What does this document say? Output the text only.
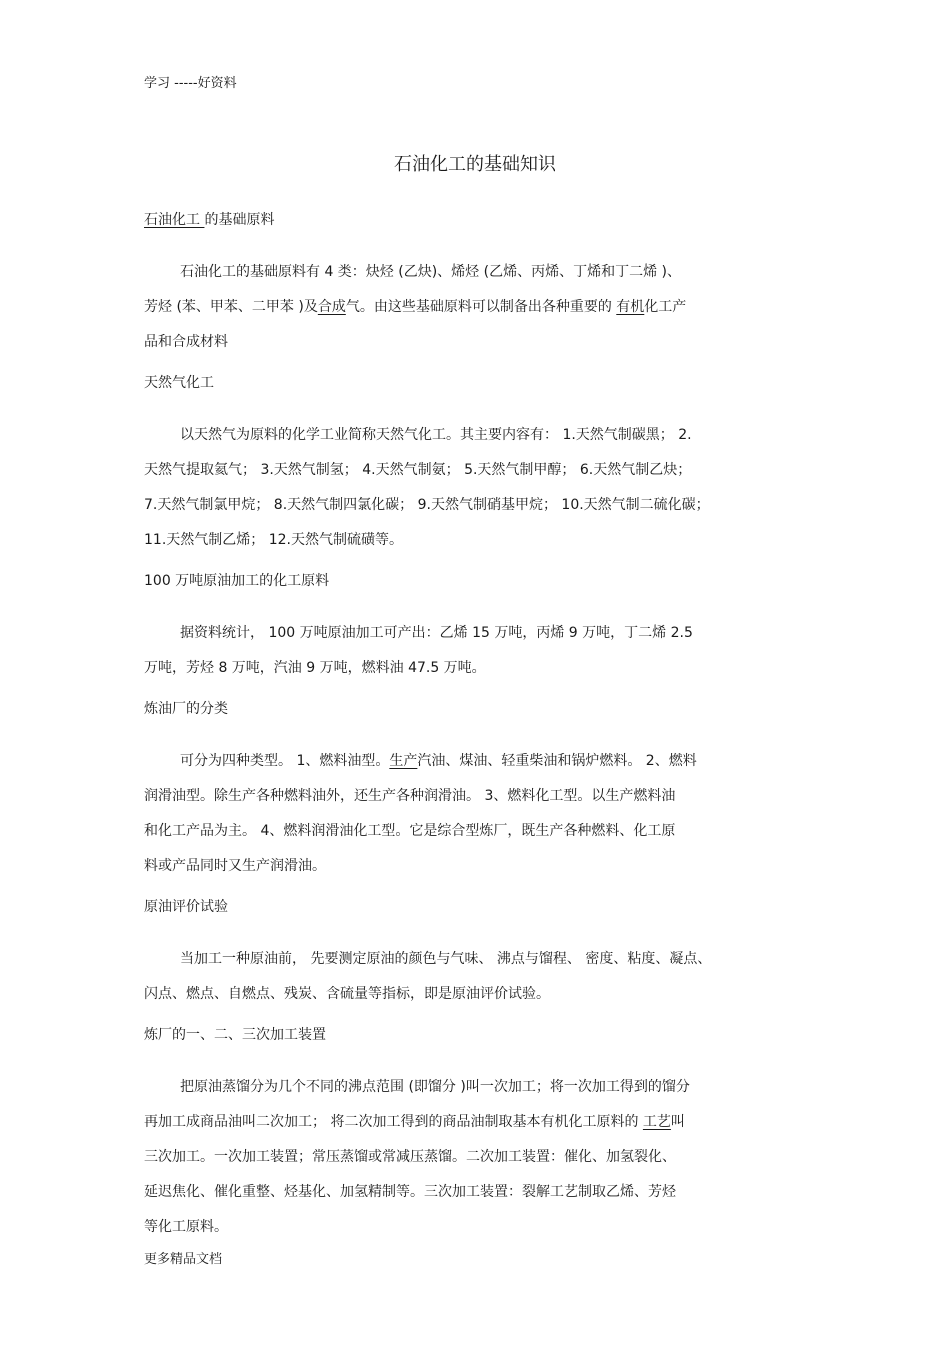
学习 -----好资料
石油化工的基础知识
石油化工 的基础原料
石油化工的基础原料有 4 类：炔烃 (乙炔)、烯烃 (乙烯、丙烯、丁烯和丁二烯 )、
芳烃 (苯、甲苯、二甲苯 )及合成气。由这些基础原料可以制备出各种重要的 有机化工产
品和合成材料
天然气化工
以天然气为原料的化学工业简称天然气化工。其主要内容有： 1.天然气制碳黑； 2.
天然气提取氦气； 3.天然气制氢； 4.天然气制氨； 5.天然气制甲醇； 6.天然气制乙炔；
7.天然气制氯甲烷； 8.天然气制四氯化碳； 9.天然气制硝基甲烷； 10.天然气制二硫化碳；
11.天然气制乙烯； 12.天然气制硫磺等。
100 万吨原油加工的化工原料
据资料统计， 100 万吨原油加工可产出：乙烯 15 万吨，丙烯 9 万吨，丁二烯 2.5
万吨，芳烃 8 万吨，汽油 9 万吨，燃料油 47.5 万吨。
炼油厂的分类
可分为四种类型。 1、燃料油型。生产汽油、煤油、轻重柴油和锅炉燃料。 2、燃料
润滑油型。除生产各种燃料油外，还生产各种润滑油。 3、燃料化工型。以生产燃料油
和化工产品为主。 4、燃料润滑油化工型。它是综合型炼厂，既生产各种燃料、化工原
料或产品同时又生产润滑油。
原油评价试验
当加工一种原油前， 先要测定原油的颜色与气味、 沸点与馏程、 密度、粘度、凝点、
闪点、燃点、自燃点、残炭、含硫量等指标，即是原油评价试验。
炼厂的一、二、三次加工装置
把原油蒸馏分为几个不同的沸点范围 (即馏分 )叫一次加工；将一次加工得到的馏分
再加工成商品油叫二次加工； 将二次加工得到的商品油制取基本有机化工原料的 工艺叫
三次加工。一次加工装置；常压蒸馏或常减压蒸馏。二次加工装置：催化、加氢裂化、
延迟焦化、催化重整、烃基化、加氢精制等。三次加工装置：裂解工艺制取乙烯、芳烃
等化工原料。
更多精品文档
